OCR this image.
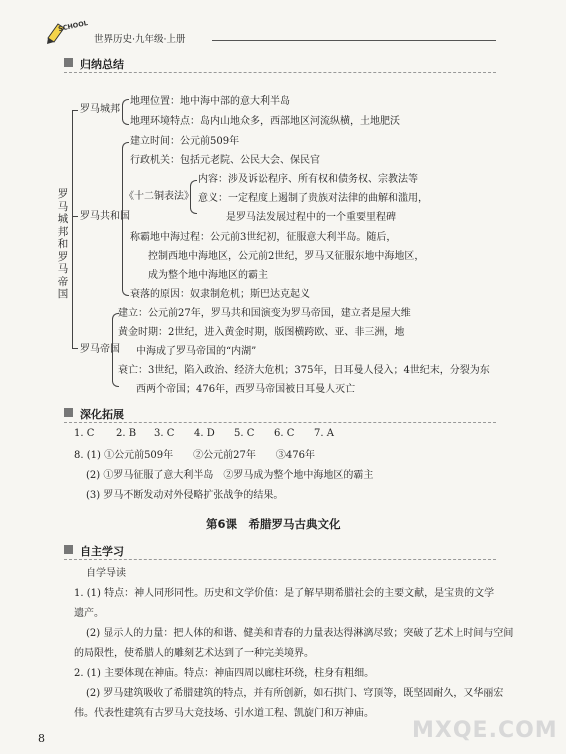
SCHOOL
世界历史·九年级·上册
归纳总结
罗马城邦和罗马帝国
罗马城邦
地理位置：地中海中部的意大利半岛
地理环境特点：岛内山地众多，西部地区河流纵横，土地肥沃
罗马共和国
建立时间：公元前509年
行政机关：包括元老院、公民大会、保民官
《十二铜表法》
内容：涉及诉讼程序、所有权和债务权、宗教法等
意义：一定程度上遏制了贵族对法律的曲解和滥用，
是罗马法发展过程中的一个重要里程碑
称霸地中海过程：公元前3世纪初，征服意大利半岛。随后，
控制西地中海地区，公元前2世纪，罗马又征服东地中海地区，
成为整个地中海地区的霸主
衰落的原因：奴隶制危机；斯巴达克起义
罗马帝国
建立：公元前27年，罗马共和国演变为罗马帝国，建立者是屋大维
黄金时期：2世纪，进入黄金时期，版图横跨欧、亚、非三洲，地
中海成了罗马帝国的“内湖”
衰亡：3世纪，陷入政治、经济大危机；375年，日耳曼人侵入；4世纪末，分裂为东
西两个帝国；476年，西罗马帝国被日耳曼人灭亡
深化拓展
1. C 2. B 3. C 4. D 5. C 6. C 7. A
8. (1) ①公元前509年　　②公元前27年　　③476年
(2) ①罗马征服了意大利半岛　②罗马成为整个地中海地区的霸主
(3) 罗马不断发动对外侵略扩张战争的结果。
第6课　希腊罗马古典文化
自主学习
自学导读
1. (1) 特点：神人同形同性。历史和文学价值：是了解早期希腊社会的主要文献，是宝贵的文学
遗产。
(2) 显示人的力量：把人体的和谐、健美和青春的力量表达得淋漓尽致；突破了艺术上时间与空间
的局限性，使希腊人的雕刻艺术达到了一种完美境界。
2. (1) 主要体现在神庙。特点：神庙四周以廊柱环绕，柱身有粗细。
(2) 罗马建筑吸收了希腊建筑的特点，并有所创新，如石拱门、穹顶等，既坚固耐久，又华丽宏
伟。代表性建筑有古罗马大竞技场、引水道工程、凯旋门和万神庙。
8	MXQE.COM
